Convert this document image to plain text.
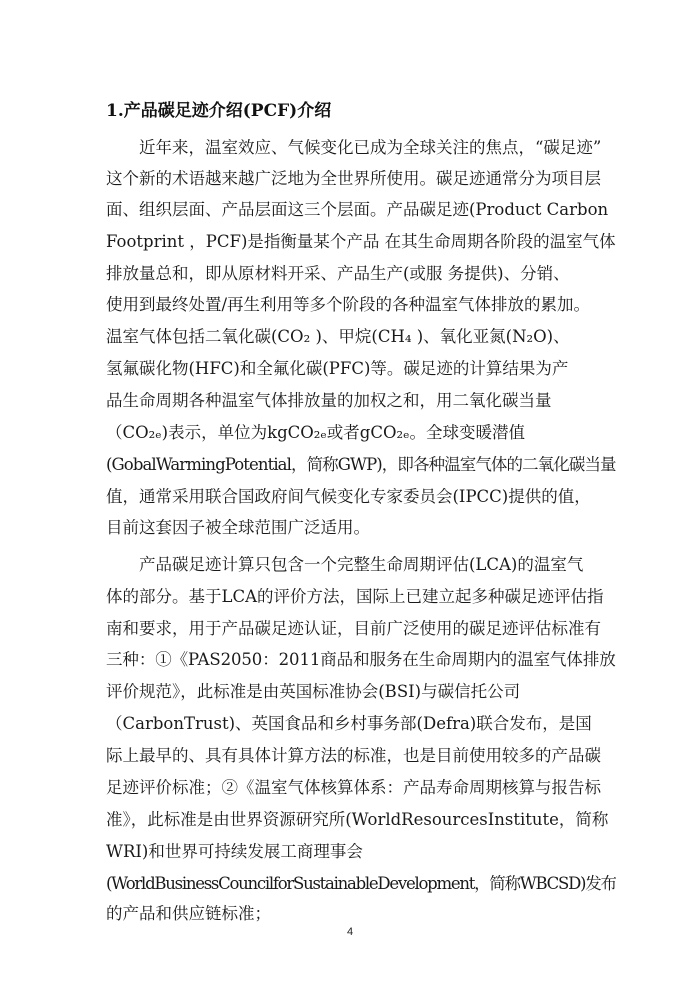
1.产品碳足迹介绍(PCF)介绍
近年来，温室效应、气候变化已成为全球关注的焦点，“碳足迹”
这个新的术语越来越广泛地为全世界所使用。碳足迹通常分为项目层
面、组织层面、产品层面这三个层面。产品碳足迹(Product Carbon
Footprint ，PCF)是指衡量某个产品 在其生命周期各阶段的温室气体
排放量总和，即从原材料开采、产品生产(或服 务提供)、分销、
使用到最终处置/再生利用等多个阶段的各种温室气体排放的累加。
温室气体包括二氧化碳(CO₂ )、甲烷(CH₄ )、氧化亚氮(N₂O)、
氢氟碳化物(HFC)和全氟化碳(PFC)等。碳足迹的计算结果为产
品生命周期各种温室气体排放量的加权之和，用二氧化碳当量
（CO₂ₑ)表示，单位为kgCO₂ₑ或者gCO₂ₑ。全球变暖潜值
(GobalWarmingPotential，简称GWP)，即各种温室气体的二氧化碳当量
值，通常采用联合国政府间气候变化专家委员会(IPCC)提供的值，
目前这套因子被全球范围广泛适用。
产品碳足迹计算只包含一个完整生命周期评估(LCA)的温室气
体的部分。基于LCA的评价方法，国际上已建立起多种碳足迹评估指
南和要求，用于产品碳足迹认证，目前广泛使用的碳足迹评估标准有
三种：①《PAS2050：2011商品和服务在生命周期内的温室气体排放
评价规范》，此标准是由英国标准协会(BSI)与碳信托公司
（CarbonTrust)、英国食品和乡村事务部(Defra)联合发布，是国
际上最早的、具有具体计算方法的标准，也是目前使用较多的产品碳
足迹评价标准；②《温室气体核算体系：产品寿命周期核算与报告标
准》，此标准是由世界资源研究所(WorldResourcesInstitute，简称
WRI)和世界可持续发展工商理事会
(WorldBusinessCouncilforSustainableDevelopment，简称WBCSD)发布
的产品和供应链标准；
4
